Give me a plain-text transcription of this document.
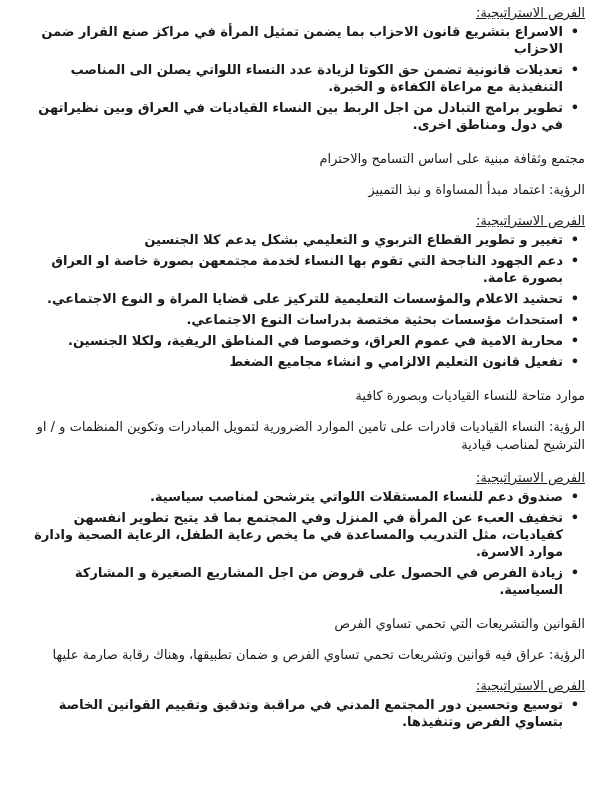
الفرص الاستراتيجية:

• الاسراع بتشريع قانون الاحزاب بما يضمن تمثيل المرأة في مراكز صنع القرار ضمن الاحزاب
• تعديلات قانونية تضمن حق الكوتا لزيادة عدد النساء اللواتي يصلن الى المناصب التنفيذية مع مراعاة الكفاءة و الخبرة.
• تطوير برامج التبادل من اجل الربط بين النساء القياديات في العراق وبين نظيراتهن في دول ومناطق اخرى.

مجتمع وثقافة مبنية على اساس التسامح والاحترام

الرؤية: اعتماد مبدأ المساواة و نبذ التمييز

الفرص الاستراتيجية:

• تغيير و تطوير القطاع التربوي و التعليمي بشكل يدعم كلا الجنسين
• دعم الجهود الناجحة التي تقوم بها النساء لخدمة مجتمعهن بصورة خاصة او العراق بصورة عامة.
• تحشيد الاعلام والمؤسسات التعليمية للتركيز على قضايا المراة و النوع الاجتماعي.
• استحداث مؤسسات بحثية مختصة بدراسات النوع الاجتماعي.
• محاربة الامية في عموم العراق، وخصوصا في المناطق الريفية، ولكلا الجنسين.
• تفعيل قانون التعليم الالزامي و انشاء مجاميع الضغط

موارد متاحة للنساء القياديات وبصورة كافية

الرؤية: النساء القياديات قادرات على تامين الموارد الضرورية لتمويل المبادرات وتكوين المنظمات و / او الترشيح لمناصب قيادية

الفرص الاستراتيجية:

• صندوق دعم للنساء المستقلات اللواتي يترشحن لمناصب سياسية.
• تخفيف العبء عن المرأة في المنزل وفي المجتمع بما قد يتيح تطوير انفسهن كقياديات، مثل التدريب والمساعدة في ما يخص رعاية الطفل، الرعاية الصحية وادارة موارد الاسرة.
• زيادة الفرص في الحصول على قروض من اجل المشاريع الصغيرة و المشاركة السياسية.

القوانين والتشريعات التي تحمي تساوي الفرص

الرؤية: عراق فيه قوانين وتشريعات تحمي تساوي الفرص و ضمان تطبيقها، وهناك رقابة صارمة عليها

الفرص الاستراتيجية:

• توسيع وتحسين دور المجتمع المدني في مراقبة وتدقيق وتقييم القوانين الخاصة بتساوي الفرص وتنفيذها.
